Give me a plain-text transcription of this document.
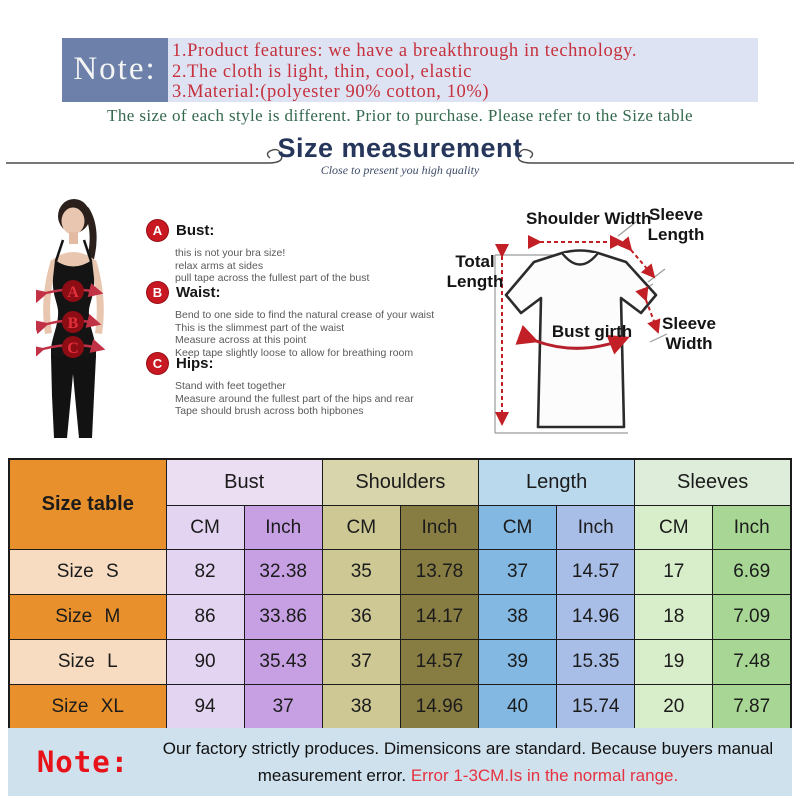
Note: 1.Product features: we have a breakthrough in technology.
2.The cloth is light, thin, cool, elastic
3.Material:(polyester 90% cotton, 10%)
The size of each style is different. Prior to purchase. Please refer to the Size table
Size measurement
Close to present you high quality
A
B
C
A Bust:
this is not your bra size!
relax arms at sides
pull tape across the fullest part of the bust
B Waist:
Bend to one side to find the natural crease of your waist
This is the slimmest part of the waist
Measure across at this point
Keep tape slightly loose to allow for breathing room
C Hips:
Stand with feet together
Measure around the fullest part of the hips and rear
Tape should brush across both hipbones
Shoulder Width
Sleeve Length
Total Length
Bust girth	Sleeve Width
Size table	Bust		Shoulders		Length		Sleeves	
	CM	Inch	CM	Inch	CM	Inch	CM	Inch
Size S	82	32.38	35	13.78	37	14.57	17	6.69
Size M	86	33.86	36	14.17	38	14.96	18	7.09
Size L	90	35.43	37	14.57	39	15.35	19	7.48
Size XL	94	37	38	14.96	40	15.74	20	7.87
Note:	Our factory strictly produces. Dimensicons are standard. Because buyers manual
measurement error. Error 1-3CM.Is in the normal range.
